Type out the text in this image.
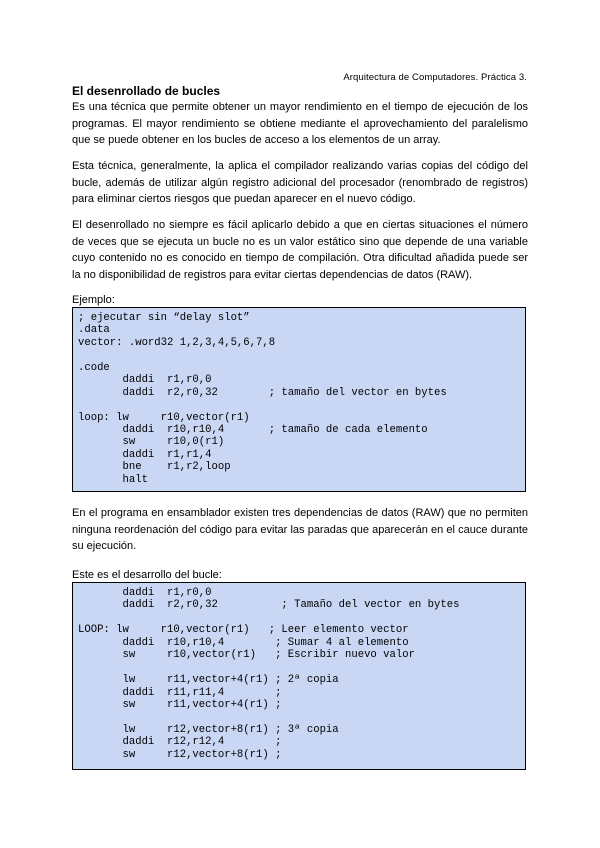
Arquitectura de Computadores. Práctica 3.
El desenrollado de bucles

Es una técnica que permite obtener un mayor rendimiento en el tiempo de ejecución de los programas. El mayor rendimiento se obtiene mediante el aprovechamiento del paralelismo que se puede obtener en los bucles de acceso a los elementos de un array.

Esta técnica, generalmente, la aplica el compilador realizando varias copias del código del bucle, además de utilizar algún registro adicional del procesador (renombrado de registros) para eliminar ciertos riesgos que puedan aparecer en el nuevo código.

El desenrollado no siempre es fácil aplicarlo debido a que en ciertas situaciones el número de veces que se ejecuta un bucle no es un valor estático sino que depende de una variable cuyo contenido no es conocido en tiempo de compilación. Otra dificultad añadida puede ser la no disponibilidad de registros para evitar ciertas dependencias de datos (RAW).

Ejemplo:

; ejecutar sin “delay slot”
.data
vector: .word32 1,2,3,4,5,6,7,8
.code
daddi  r1,r0,0
daddi  r2,r0,32        ; tamaño del vector en bytes
loop: lw     r10,vector(r1)
daddi  r10,r10,4       ; tamaño de cada elemento
sw     r10,0(r1)
daddi  r1,r1,4
bne    r1,r2,loop
halt

En el programa en ensamblador existen tres dependencias de datos (RAW) que no permiten ninguna reordenación del código para evitar las paradas que aparecerán en el cauce durante su ejecución.

Este es el desarrollo del bucle:

daddi  r1,r0,0
daddi  r2,r0,32          ; Tamaño del vector en bytes
LOOP: lw     r10,vector(r1)   ; Leer elemento vector
daddi  r10,r10,4        ; Sumar 4 al elemento
sw     r10,vector(r1)   ; Escribir nuevo valor
lw     r11,vector+4(r1) ; 2ª copia
daddi  r11,r11,4        ;
sw     r11,vector+4(r1) ;
lw     r12,vector+8(r1) ; 3ª copia
daddi  r12,r12,4        ;
sw     r12,vector+8(r1) ;
